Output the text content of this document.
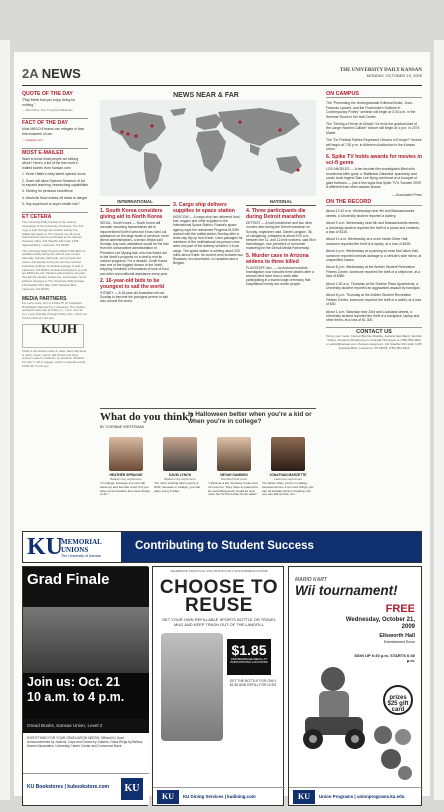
2A NEWS	THE UNIVERSITY DAILY KANSAN
MONDAY, OCTOBER 19, 2009
QUOTE OF THE DAY
"Play Meek that you enjoy doing for nothing."
— Pam Rose, Sun Tzu-jumis Wildtimes
FACT OF THE DAY
Most MASCHI teams can relegate in their first midweek of use.
— snapple.com
MOST E-MAILED
Want to know what people are talking about? Here's a list of the five most e-mailed stories from Kansan.com:
1. Kevin Hattin's early latent opened doors
2. Grant will allow Spencer Museum of Art to expand teaching, researching capabilities
3. Striving for personal excellence
4. Alcoholic flood makes off leads to danger
5. Say superfood or super-health risk?
ET CETERA
The University Daily Kansan is the student newspaper of the University of Kansas. The first copy is paid through the student activity fee. Additional copies of The Kansan are 25 cents. Subscriptions can be purchased at the Kansan business office, 119 Stauffer-Flint Hall, 1435 Jayhawk Blvd., Lawrence, KS 66045.
The University Daily Kansan (ISSN 0746-4967) is published daily during the school year except Saturday, Sunday, fall break, spring break and exams and weekly during the summer session excluding holidays. Periodical postage is paid in Lawrence, KS 66044. Annual subscriptions by mail are $250 plus tax. Student subscriptions are paid through the student activity fee. Postmaster: Send address changes to The University Daily Kansan, 119 Stauffer-Flint Hall, 1435 Jayhawk Blvd., Lawrence, KS 66045.
MEDIA PARTNERS
For more news, turn to KUJH-TV on Sunflower Broadband Channel 31 in Lawrence. The student-produced news airs at 5:30 p.m., 7 p.m. and 10 p.m. every Monday through Friday. Also, check out KUJH online at tv.ku.edu.
KUJH
KJHK is the student voice in radio. Each day there is news, music, sports, talk shows and other content made for students, by students. Whether it's rock 'n' roll or reggae, sports or special events, KJHK 90.7 is for you.
NEWS NEAR & FAR
INTERNATIONAL
1. South Korea considers giving aid to North Korea
SEOUL, South Korea — South Korea will consider resuming humanitarian aid to impoverished North Korea but it has ruled out assistance on the large scale of previous, more liberal administrations, a senior official said Sunday. Any such assistance would be the first from the conservative administration of President Lee Myung-bak, who has linked aid to the North's progress on a deal to end its nuclear programs. For a decade, South Korea was one of the biggest donors to the North, shipping hundreds of thousands of tons of food and other unconditional assistance every year.
2. 16-year-old bids to be youngest to sail the world
SYDNEY — A 16-year-old Australian set out Sunday to become the youngest person to sail solo around the world.
3. Cargo ship delivers supplies to space station
MOSCOW — A cargo ship has delivered food, fuel, oxygen and other supplies to the International Space Station. Russia's space agency says the unmanned Progress M-03M docked with the orbital station Sunday after a three-day trip up from Earth. Cans packages for members of the multinational six-person crew were one part of the delivery vehicle's 2.6-ton cargo. The space station is orbiting about 225 miles above Earth. Its current crew includes two Russians, two Americans, a Canadian and a Belgian.
NATIONAL
4. Three participants die during Detroit marathon
DETROIT — A half marathoner and two other runners died during the Detroit marathon on Sunday, organizers said. Daniel Langdon, 36, of Laingsburg, collapsed at about 9:02 a.m. between the 11- and 12-mile markers, said Rich Harshbarger, vice president of consumer marketing for the Detroit Media Partnership.
5. Murder case in Arizona widens to three killed
FLAGSTAFF, Ariz. — An Arizona homicide investigation now includes three deaths after a woman died more than a week after participating in a sweat lodge ceremony that hospitalized nearly two dozen people.
ON CAMPUS
The "Presenting the Undergraduate Editorial Burke, Jean-Francois Lyotard, and the Postmodern Sublime in Contemporary Poetry" seminar will begin at 3:30 p.m. in the Seminar Room in the Hall Center.
The "Driving a Ferrari at 60mph" for texts the gradual start of the Lange Hashim Collider" lecture will begin at 4 p.m. in 2074 Malott.
The "Do Political Parties Represent Citizens in Europe?" lecture will begin at 7:30 p.m. in Alderson Auditorium in the Kansas Union.
6. Spike TV holds awards for movies in sci-fi genre
LOS ANGELES — A fan favorite film investigated filled with murderous killer gods, a 'Battlestar Galactica' spaceship and comic book legend Stan Lee flying overhead on a bouquet of giant balloons — just a few signs that Spike TV's 'Scream 2009' is different from other awards shows.
— Associated Press
ON THE RECORD
About 12:10 a.m. Wednesday near 9th and Massachusetts streets, a University student reported a battery.
About 9 a.m. Wednesday near 6th and Massachusetts streets, a University student reported the theft of a purse and contents, a loss of $115.
About 11 a.m. Wednesday at a room inside Oliver Hall, someone reported the theft of a laptop, at a loss of $425.
About 4 p.m. Wednesday at a parking lot near McCollum Hall, someone reported criminal damage to a vehicle's side mirror, at unspecified losses.
About 8 p.m. Wednesday at the Ambler Student Recreation Fitness Center, someone reported the theft of a cellphone, at a loss of $380.
About 1:30 a.m. Thursday at the Sunrise Place Apartments, a University student reported an aggravated assault by handgun.
About 6 p.m. Thursday at the Ambler Student Recreation Fitness Center, someone reported the theft of a wallet, at a loss of $30.
About 1 a.m. Saturday near 23rd and Louisiana streets, a University student reported the theft of a backpack, laptop and other items, at a loss of $1,300.
CONTACT US
Tell us your news. Contact Bernice Rashke, Jessica Sain-Baird, Jennifer Torline, Roxanne Phanbuong or Amanda Thompson at (785) 864-4810 or editor@kansan.com. Kansan newsroom, 111 Stauffer-Flint Hall, 1435 Jayhawk Blvd., Lawrence, KS 66045, (785) 864-4810
What do you think?
BY CORINNE WESTEMAN
Is Halloween better when you're a kid or when you're in college?
HEATHER SPRAGUE
Baldwin City sophomore
"In college, because you can still dress up and feel like a kid, but you have more freedom and more things to do."
DAVID LYNCH
Baldwin City sophomore
"It's more exciting when you're a child, because in college, you can party every Friday."
NEYAH GAMMON
Overland Park junior
"I think as a kid, because it was a lot of more fun. They have to pretend to be something and it would be a lot more fun for them than for an adult."
JONATHAN MARZETTE
Lawrence sophomore
"It's better when you're in college, because there's a lot more things you can do besides trick-or-treating, but you can still do that, too."
KU
MEMORIAL UNIONS
The University of Kansas
Contributing to Student Success
Grad Finale
Join us: Oct. 21
10 a.m. to 4 p.m.
Oread Books, Kansas Union, Level 2
EVERYTHING FOR YOUR GRADUATION NEEDS: Official KU Grad Announcements by Jostens, Caps and Gowns by Jostens, Class Rings by Balfour, Alumni Association, University Career Center and Commerce Bank
KU Bookstores | kubookstore.com	KU
CELEBRATE PRACTICAL SOLUTIONS FOR A SUSTAINABLE FUTURE
CHOOSE TO REUSE
GET YOUR OWN REFILLABLE SPORTS BOTTLE OR TRAVEL MUG AND KEEP TRASH OUT OF THE LANDFILL
$1.85
PER BEVERAGE REFILL AT PARTICIPATING LOCATIONS
GET THE BOTTLE FOR ONLY $2.50 AND REFILL FOR LESS
KU	KU Dining Services | kudining.com
MARIO KART
Wii tournament!
FREE
Wednesday, October 21, 2009
Ellsworth Hall
Entertainment Room
SIGN UP 6:30 p.m. STARTS 6:30 p.m.
prizes $25 gift card
KU	Union Programs | unionprograms.ku.edu
